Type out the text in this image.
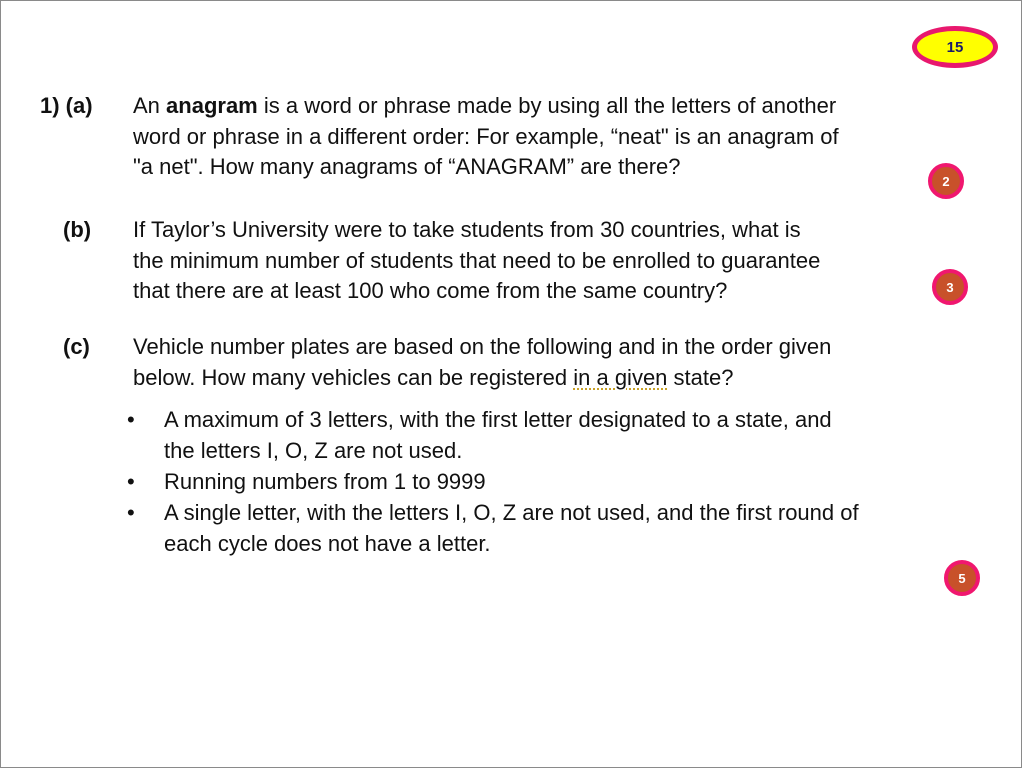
15
1) (a) An anagram is a word or phrase made by using all the letters of another
word or phrase in a different order: For example, “neat" is an anagram of
"a net". How many anagrams of “ANAGRAM” are there?
2
(b) If Taylor’s University were to take students from 30 countries, what is
the minimum number of students that need to be enrolled to guarantee
that there are at least 100 who come from the same country?	3
(c) Vehicle number plates are based on the following and in the order given
below. How many vehicles can be registered in a given state?
• A maximum of 3 letters, with the first letter designated to a state, and
the letters I, O, Z are not used.
• Running numbers from 1 to 9999
• A single letter, with the letters I, O, Z are not used, and the first round of
each cycle does not have a letter.
5
